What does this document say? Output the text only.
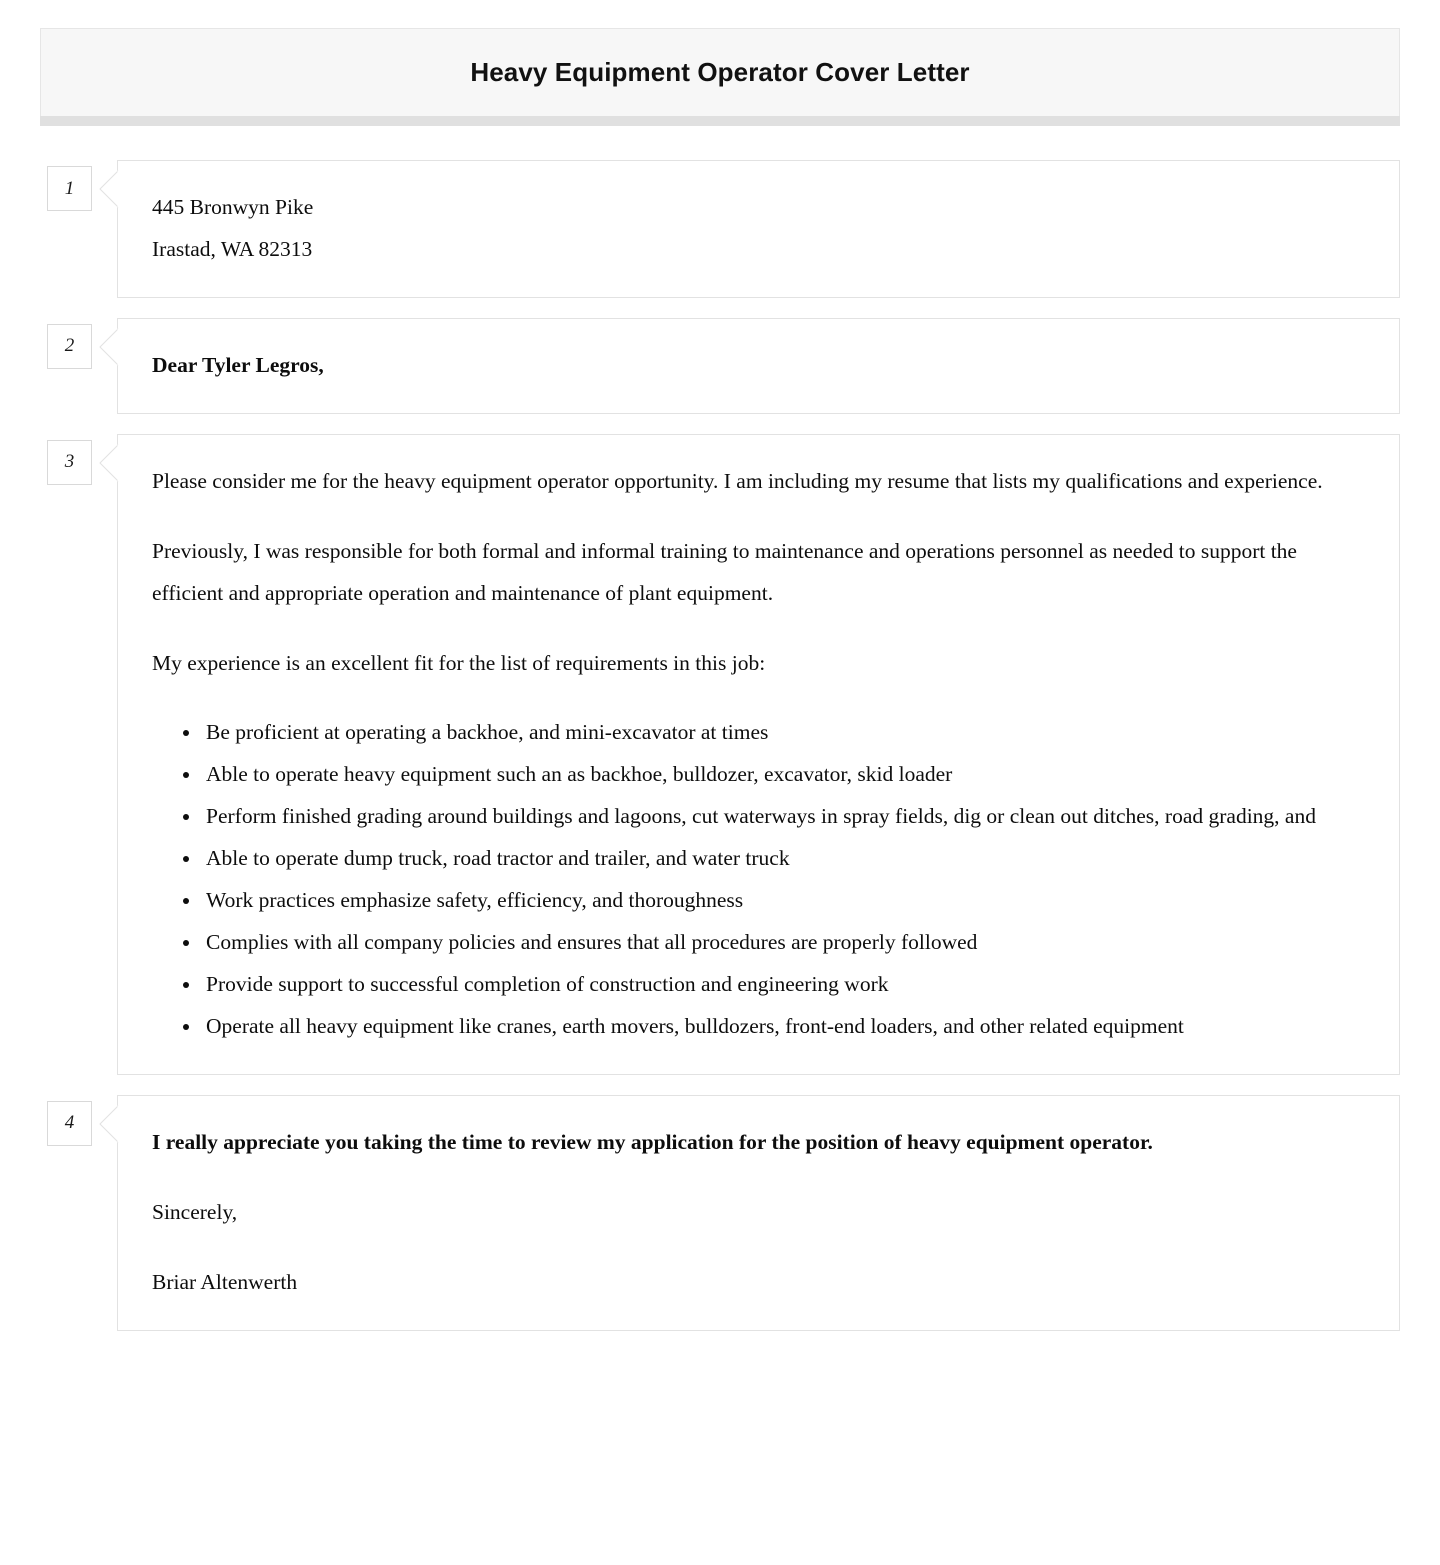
Heavy Equipment Operator Cover Letter
1

445 Bronwyn Pike
Irastad, WA 82313

2

Dear Tyler Legros,

3

Please consider me for the heavy equipment operator opportunity. I am including my resume that lists my qualifications and experience.

Previously, I was responsible for both formal and informal training to maintenance and operations personnel as needed to support the efficient and appropriate operation and maintenance of plant equipment.

My experience is an excellent fit for the list of requirements in this job:

• Be proficient at operating a backhoe, and mini-excavator at times
• Able to operate heavy equipment such an as backhoe, bulldozer, excavator, skid loader
• Perform finished grading around buildings and lagoons, cut waterways in spray fields, dig or clean out ditches, road grading, and
• Able to operate dump truck, road tractor and trailer, and water truck
• Work practices emphasize safety, efficiency, and thoroughness
• Complies with all company policies and ensures that all procedures are properly followed
• Provide support to successful completion of construction and engineering work
• Operate all heavy equipment like cranes, earth movers, bulldozers, front-end loaders, and other related equipment
4

I really appreciate you taking the time to review my application for the position of heavy equipment operator.

Sincerely,

Briar Altenwerth
